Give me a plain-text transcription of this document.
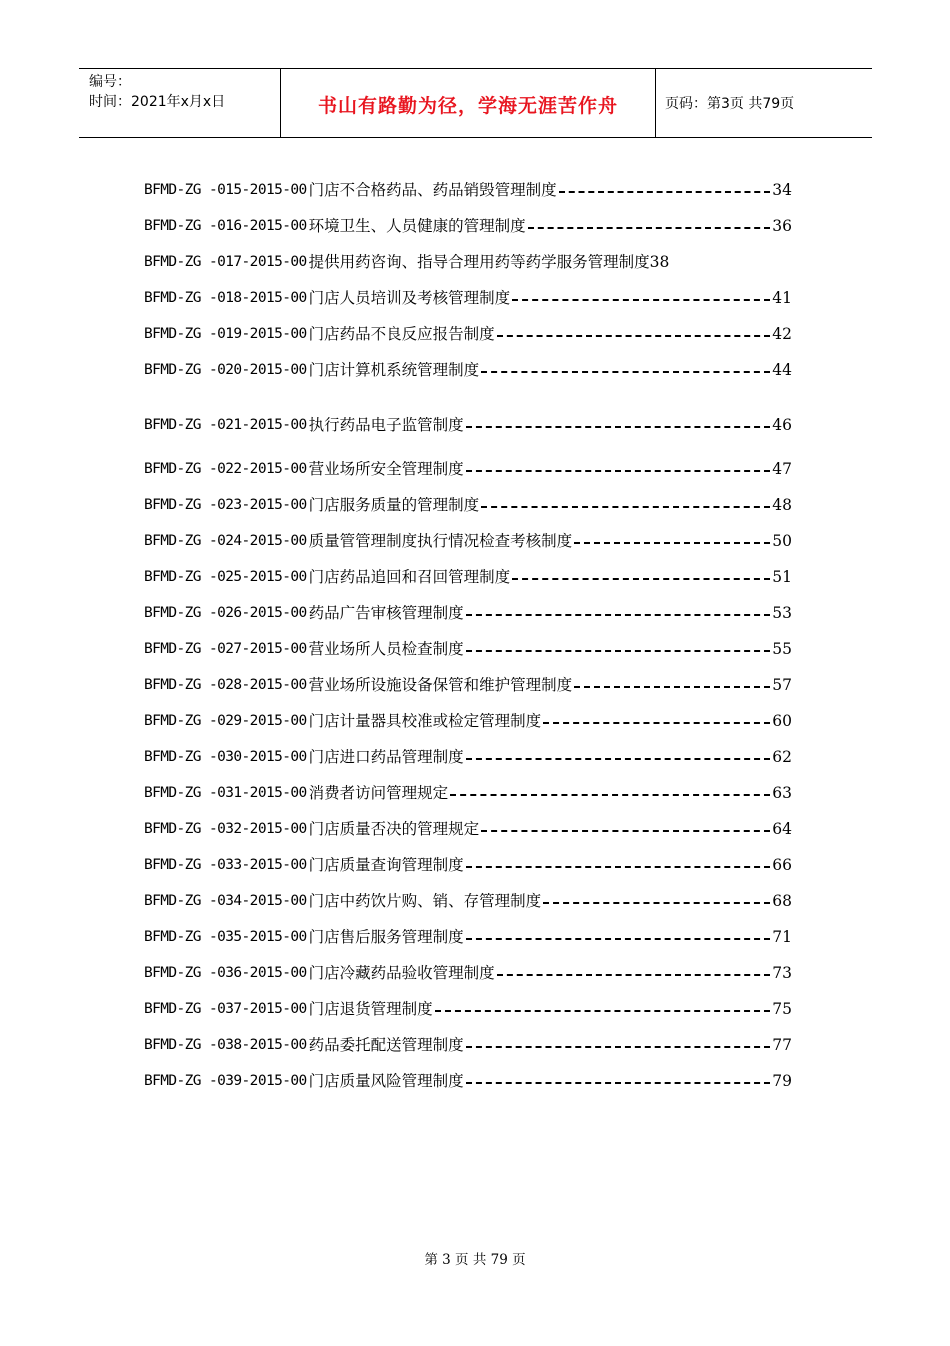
编号：
时间：2021年x月x日	书山有路勤为径，学海无涯苦作舟	页码：第3页 共79页
BFMD-ZG -015-2015-00 门店不合格药品、药品销毁管理制度	34
BFMD-ZG -016-2015-00 环境卫生、人员健康的管理制度	36
BFMD-ZG -017-2015-00 提供用药咨询、指导合理用药等药学服务管理制度 38
BFMD-ZG -018-2015-00 门店人员培训及考核管理制度	41
BFMD-ZG -019-2015-00 门店药品不良反应报告制度	42
BFMD-ZG -020-2015-00 门店计算机系统管理制度	44
BFMD-ZG -021-2015-00 执行药品电子监管制度	46
BFMD-ZG -022-2015-00 营业场所安全管理制度	47
BFMD-ZG -023-2015-00 门店服务质量的管理制度	48
BFMD-ZG -024-2015-00 质量管管理制度执行情况检查考核制度	50
BFMD-ZG -025-2015-00 门店药品追回和召回管理制度	51
BFMD-ZG -026-2015-00 药品广告审核管理制度	53
BFMD-ZG -027-2015-00 营业场所人员检查制度	55
BFMD-ZG -028-2015-00 营业场所设施设备保管和维护管理制度	57
BFMD-ZG -029-2015-00 门店计量器具校准或检定管理制度	60
BFMD-ZG -030-2015-00 门店进口药品管理制度	62
BFMD-ZG -031-2015-00 消费者访问管理规定	63
BFMD-ZG -032-2015-00 门店质量否决的管理规定	64
BFMD-ZG -033-2015-00 门店质量查询管理制度	66
BFMD-ZG -034-2015-00 门店中药饮片购、销、存管理制度	68
BFMD-ZG -035-2015-00 门店售后服务管理制度	71
BFMD-ZG -036-2015-00 门店冷藏药品验收管理制度	73
BFMD-ZG -037-2015-00 门店退货管理制度	75
BFMD-ZG -038-2015-00 药品委托配送管理制度	77
BFMD-ZG -039-2015-00 门店质量风险管理制度	79
第 3 页 共 79 页
